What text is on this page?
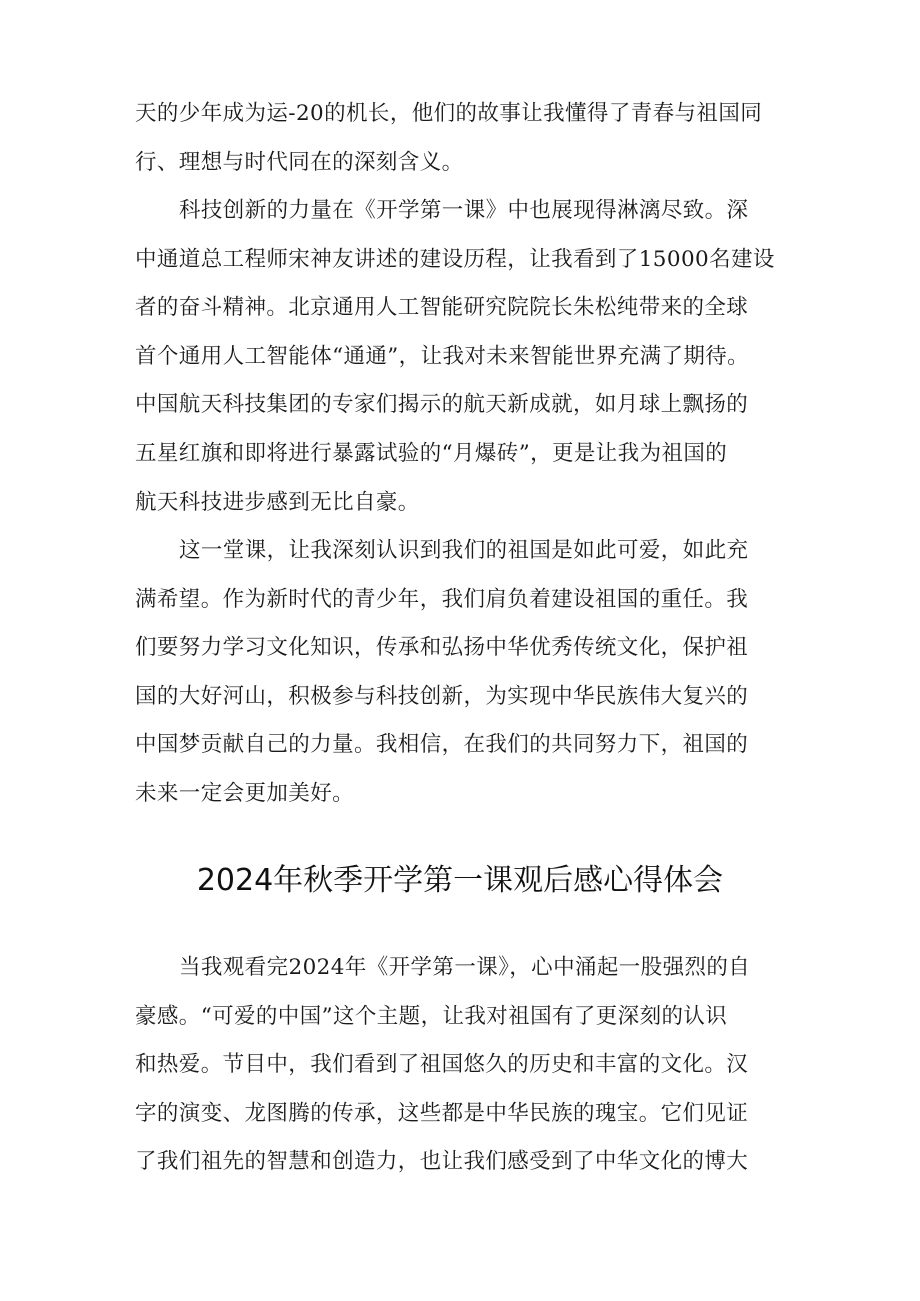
天的少年成为运-20的机长，他们的故事让我懂得了青春与祖国同
行、理想与时代同在的深刻含义。
科技创新的力量在《开学第一课》中也展现得淋漓尽致。深
中通道总工程师宋神友讲述的建设历程，让我看到了15000名建设
者的奋斗精神。北京通用人工智能研究院院长朱松纯带来的全球
首个通用人工智能体“通通”，让我对未来智能世界充满了期待。
中国航天科技集团的专家们揭示的航天新成就，如月球上飘扬的
五星红旗和即将进行暴露试验的“月爆砖”，更是让我为祖国的
航天科技进步感到无比自豪。
这一堂课，让我深刻认识到我们的祖国是如此可爱，如此充
满希望。作为新时代的青少年，我们肩负着建设祖国的重任。我
们要努力学习文化知识，传承和弘扬中华优秀传统文化，保护祖
国的大好河山，积极参与科技创新，为实现中华民族伟大复兴的
中国梦贡献自己的力量。我相信，在我们的共同努力下，祖国的
未来一定会更加美好。
2024年秋季开学第一课观后感心得体会
当我观看完2024年《开学第一课》，心中涌起一股强烈的自
豪感。“可爱的中国”这个主题，让我对祖国有了更深刻的认识
和热爱。节目中，我们看到了祖国悠久的历史和丰富的文化。汉
字的演变、龙图腾的传承，这些都是中华民族的瑰宝。它们见证
了我们祖先的智慧和创造力，也让我们感受到了中华文化的博大
